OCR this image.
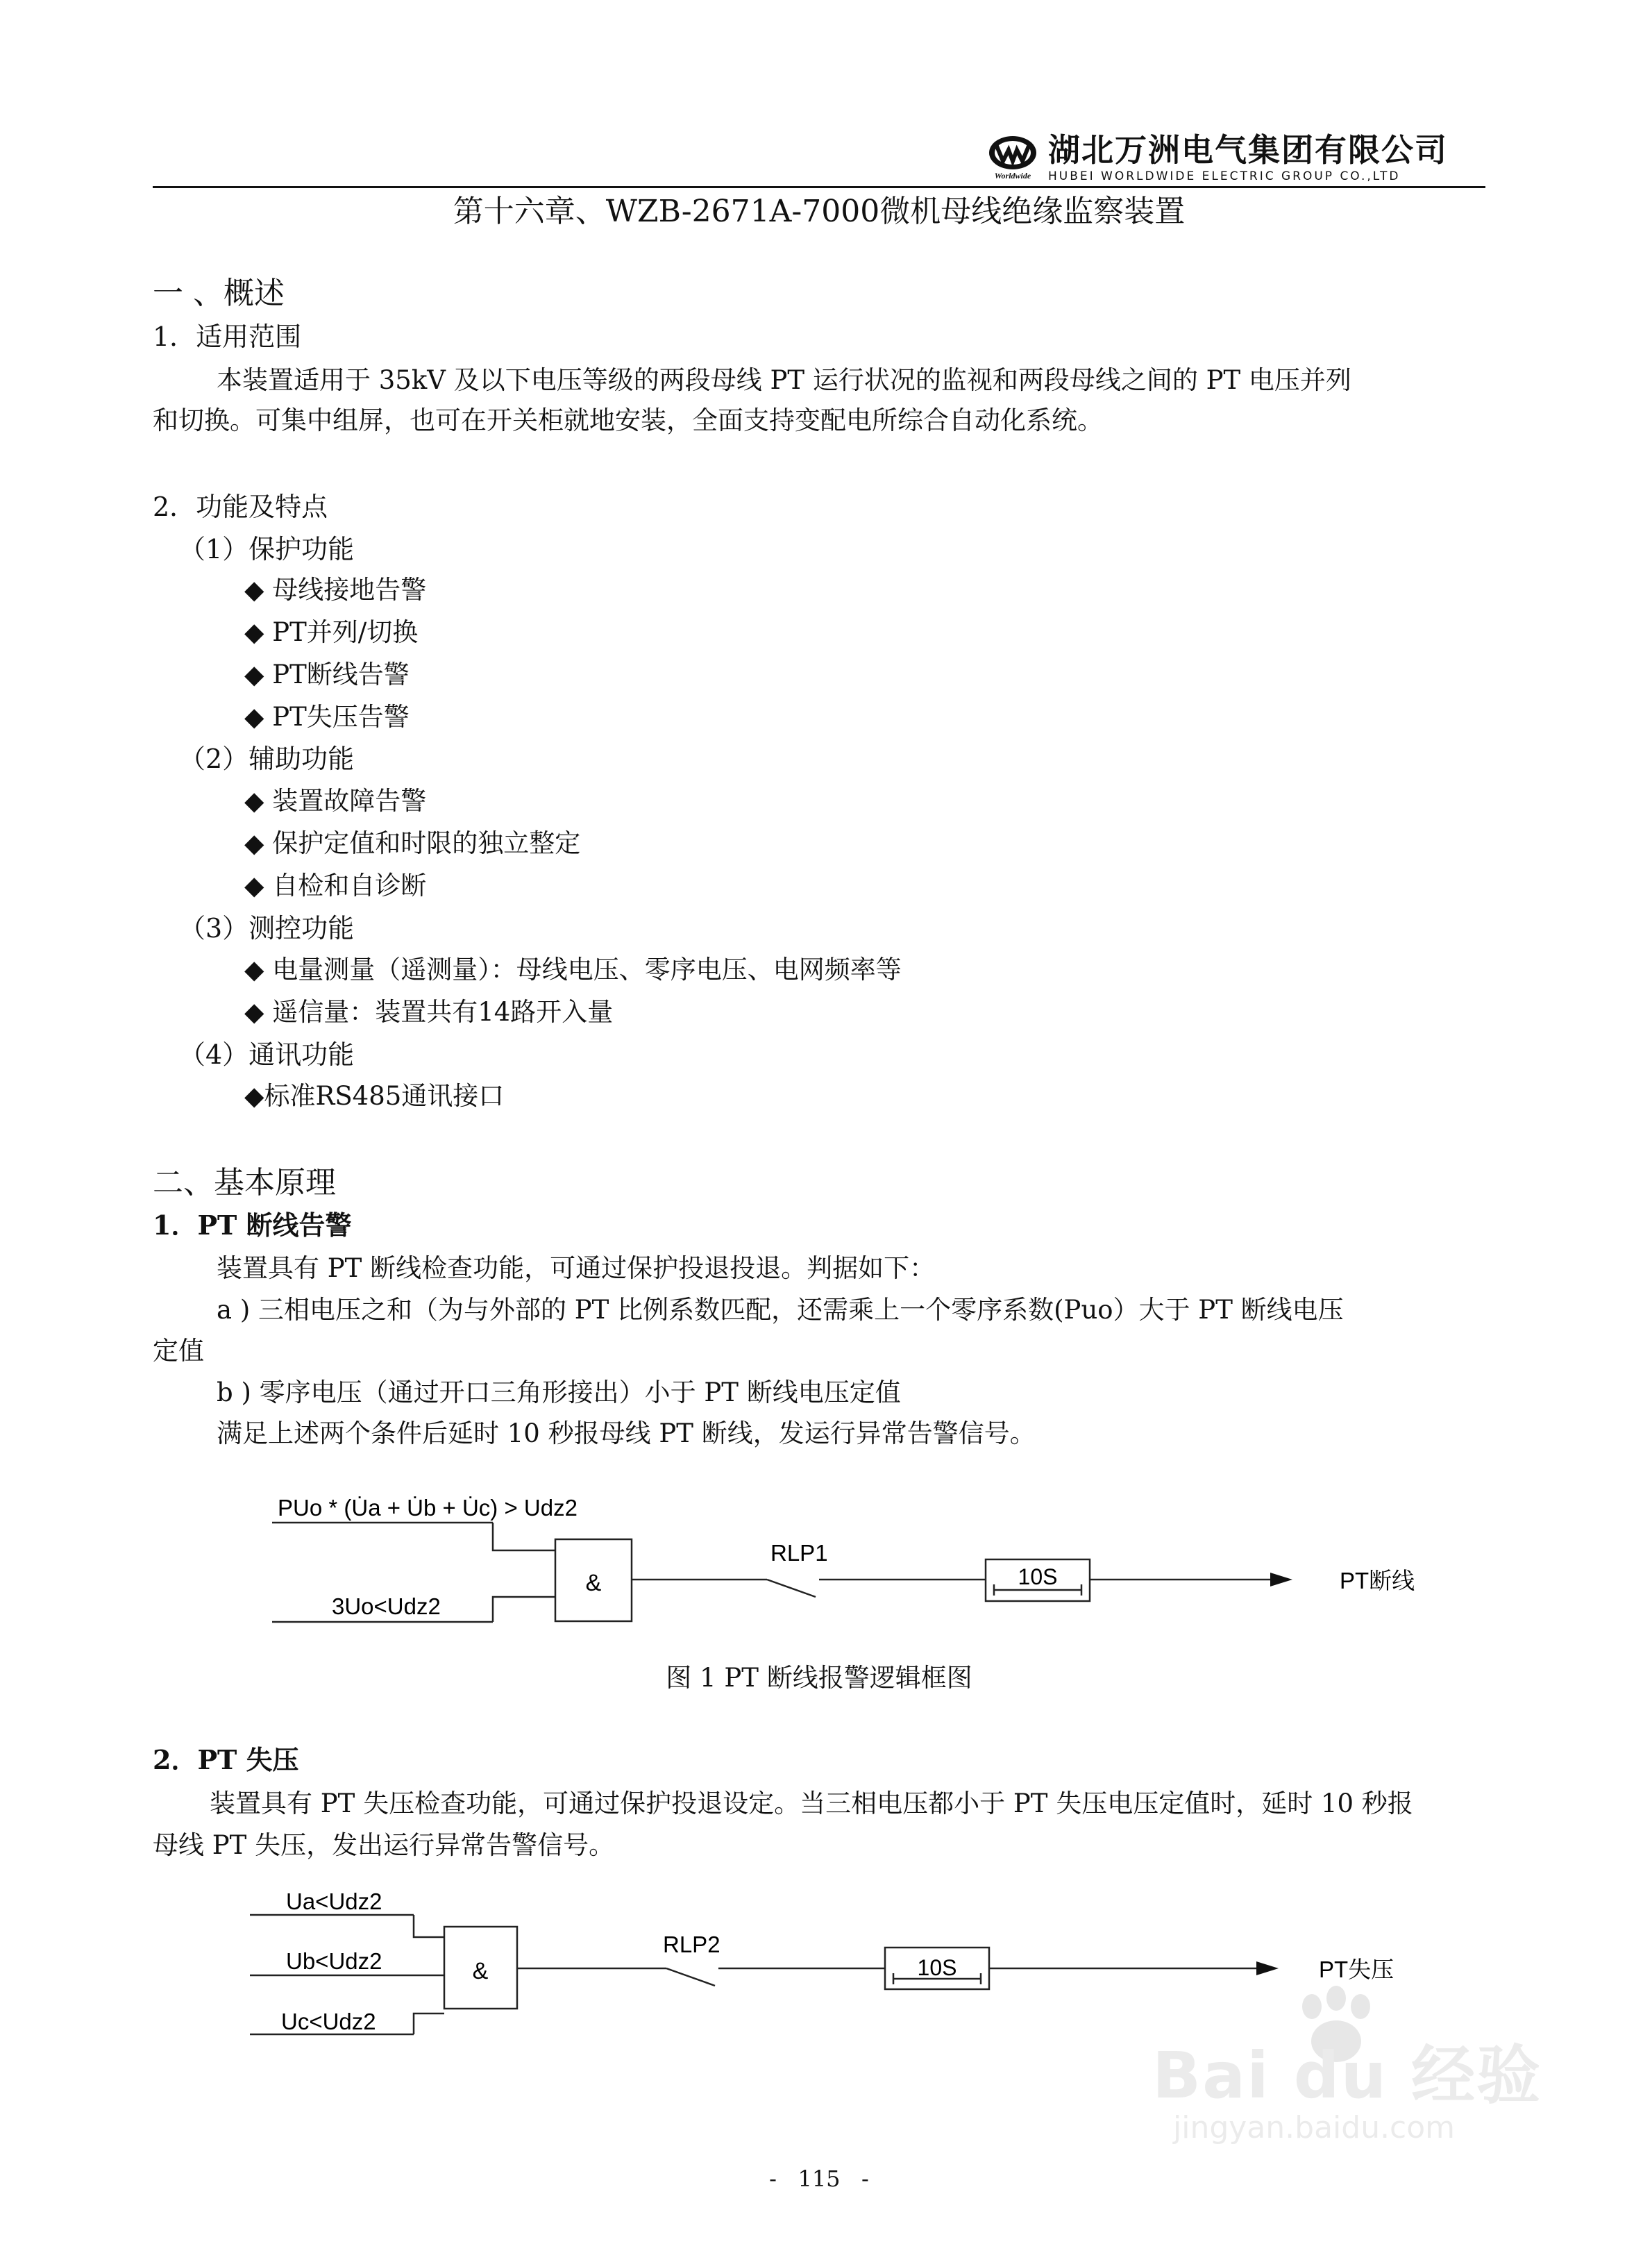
Worldwide
湖北万洲电气集团有限公司
HUBEI WORLDWIDE ELECTRIC GROUP CO.,LTD
第十六章、WZB-2671A-7000微机母线绝缘监察装置
一 、概述
1．适用范围
本装置适用于 35kV 及以下电压等级的两段母线 PT 运行状况的监视和两段母线之间的 PT 电压并列
和切换。可集中组屏，也可在开关柜就地安装，全面支持变配电所综合自动化系统。
2．功能及特点
（1）保护功能
◆ 母线接地告警
◆ PT并列/切换
◆ PT断线告警
◆ PT失压告警
（2）辅助功能
◆ 装置故障告警
◆ 保护定值和时限的独立整定
◆ 自检和自诊断
（3）测控功能
◆ 电量测量（遥测量）：母线电压、零序电压、电网频率等
◆ 遥信量：装置共有14路开入量
（4）通讯功能
◆标准RS485通讯接口
二、基本原理
1．PT 断线告警
装置具有 PT 断线检查功能，可通过保护投退投退。判据如下：
a ) 三相电压之和（为与外部的 PT 比例系数匹配，还需乘上一个零序系数(Puo）大于 PT 断线电压
定值
b ) 零序电压（通过开口三角形接出）小于 PT 断线电压定值
满足上述两个条件后延时 10 秒报母线 PT 断线，发运行异常告警信号。
PUo * (U̇a + U̇b + U̇c) > Udz2
3Uo<Udz2
&
RLP1
10S	PT断线
图 1 PT 断线报警逻辑框图
2．PT 失压
装置具有 PT 失压检查功能，可通过保护投退设定。当三相电压都小于 PT 失压电压定值时，延时 10 秒报
母线 PT 失压，发出运行异常告警信号。
Ua<Udz2
Ub<Udz2
Uc<Udz2
&
RLP2
10S	PT失压
Bai du 经验
jingyan.baidu.com
-   115   -
